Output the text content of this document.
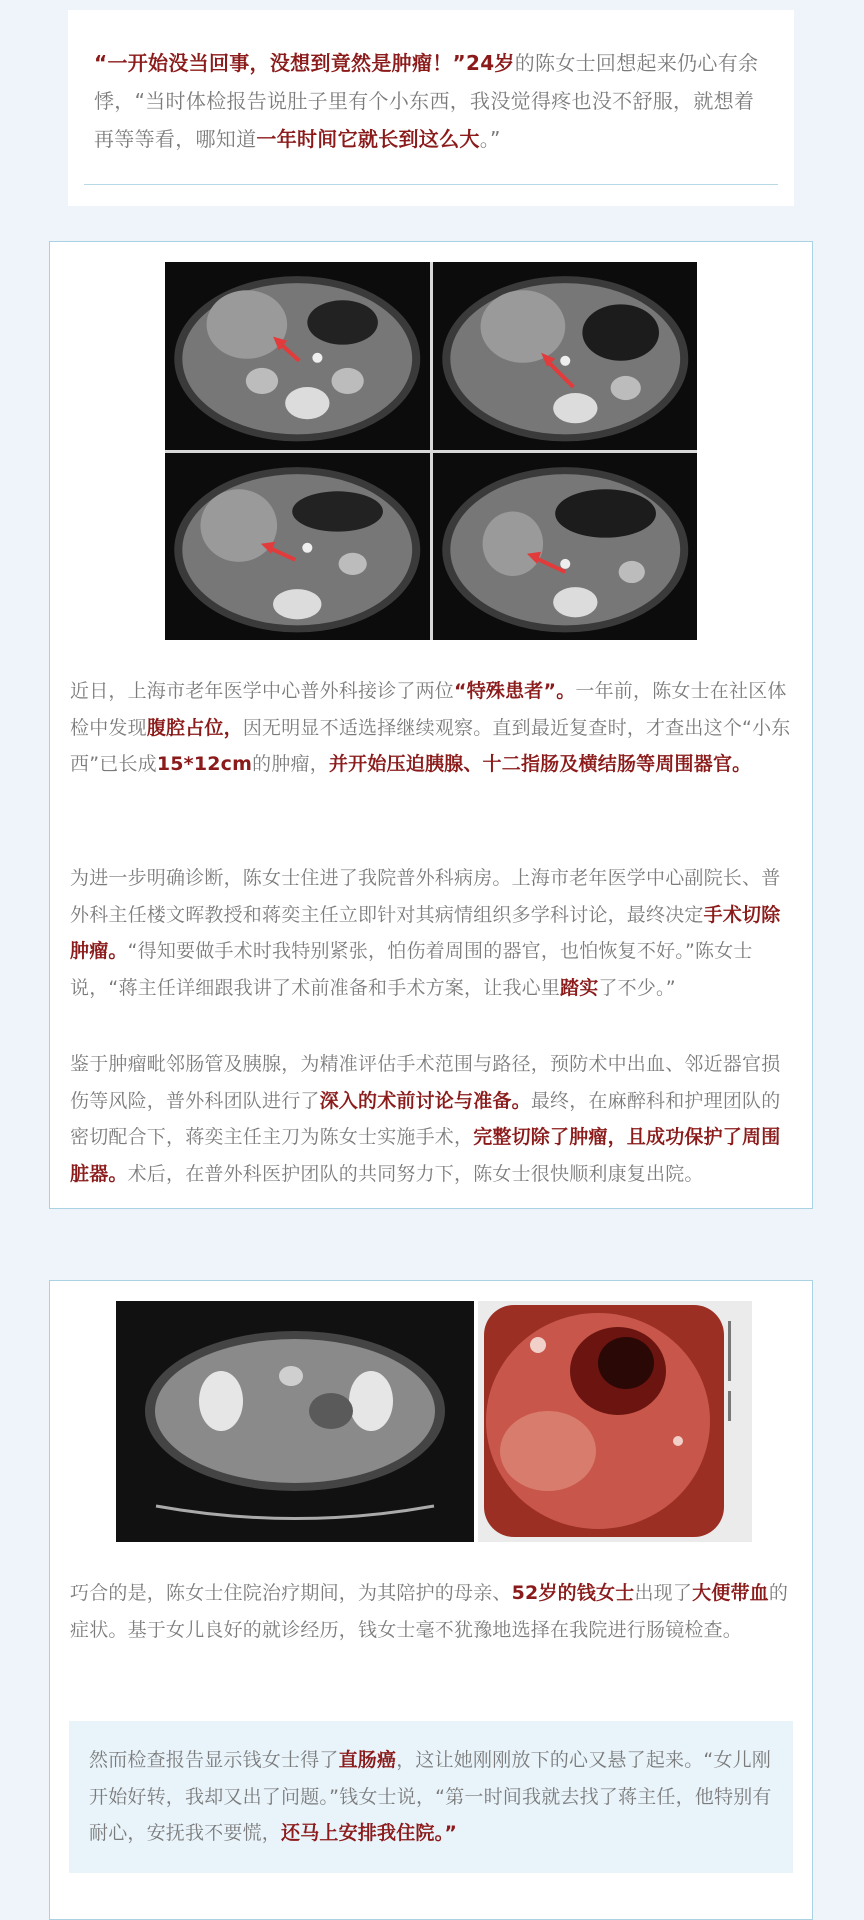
“一开始没当回事，没想到竟然是肿瘤！”24岁的陈女士回想起来仍心有余悸，“当时体检报告说肚子里有个小东西，我没觉得疼也没不舒服，就想着再等等看，哪知道一年时间它就长到这么大。”

近日，上海市老年医学中心普外科接诊了两位“特殊患者”。一年前，陈女士在社区体检中发现腹腔占位，因无明显不适选择继续观察。直到最近复查时，才查出这个“小东西”已长成15*12cm的肿瘤，并开始压迫胰腺、十二指肠及横结肠等周围器官。

为进一步明确诊断，陈女士住进了我院普外科病房。上海市老年医学中心副院长、普外科主任楼文晖教授和蒋奕主任立即针对其病情组织多学科讨论，最终决定手术切除肿瘤。“得知要做手术时我特别紧张，怕伤着周围的器官，也怕恢复不好。”陈女士说，“蒋主任详细跟我讲了术前准备和手术方案，让我心里踏实了不少。”

鉴于肿瘤毗邻肠管及胰腺，为精准评估手术范围与路径，预防术中出血、邻近器官损伤等风险，普外科团队进行了深入的术前讨论与准备。最终，在麻醉科和护理团队的密切配合下，蒋奕主任主刀为陈女士实施手术，完整切除了肿瘤，且成功保护了周围脏器。术后，在普外科医护团队的共同努力下，陈女士很快顺利康复出院。

巧合的是，陈女士住院治疗期间，为其陪护的母亲、52岁的钱女士出现了大便带血的症状。基于女儿良好的就诊经历，钱女士毫不犹豫地选择在我院进行肠镜检查。

然而检查报告显示钱女士得了直肠癌，这让她刚刚放下的心又悬了起来。“女儿刚开始好转，我却又出了问题。”钱女士说，“第一时间我就去找了蒋主任，他特别有耐心，安抚我不要慌，还马上安排我住院。”
